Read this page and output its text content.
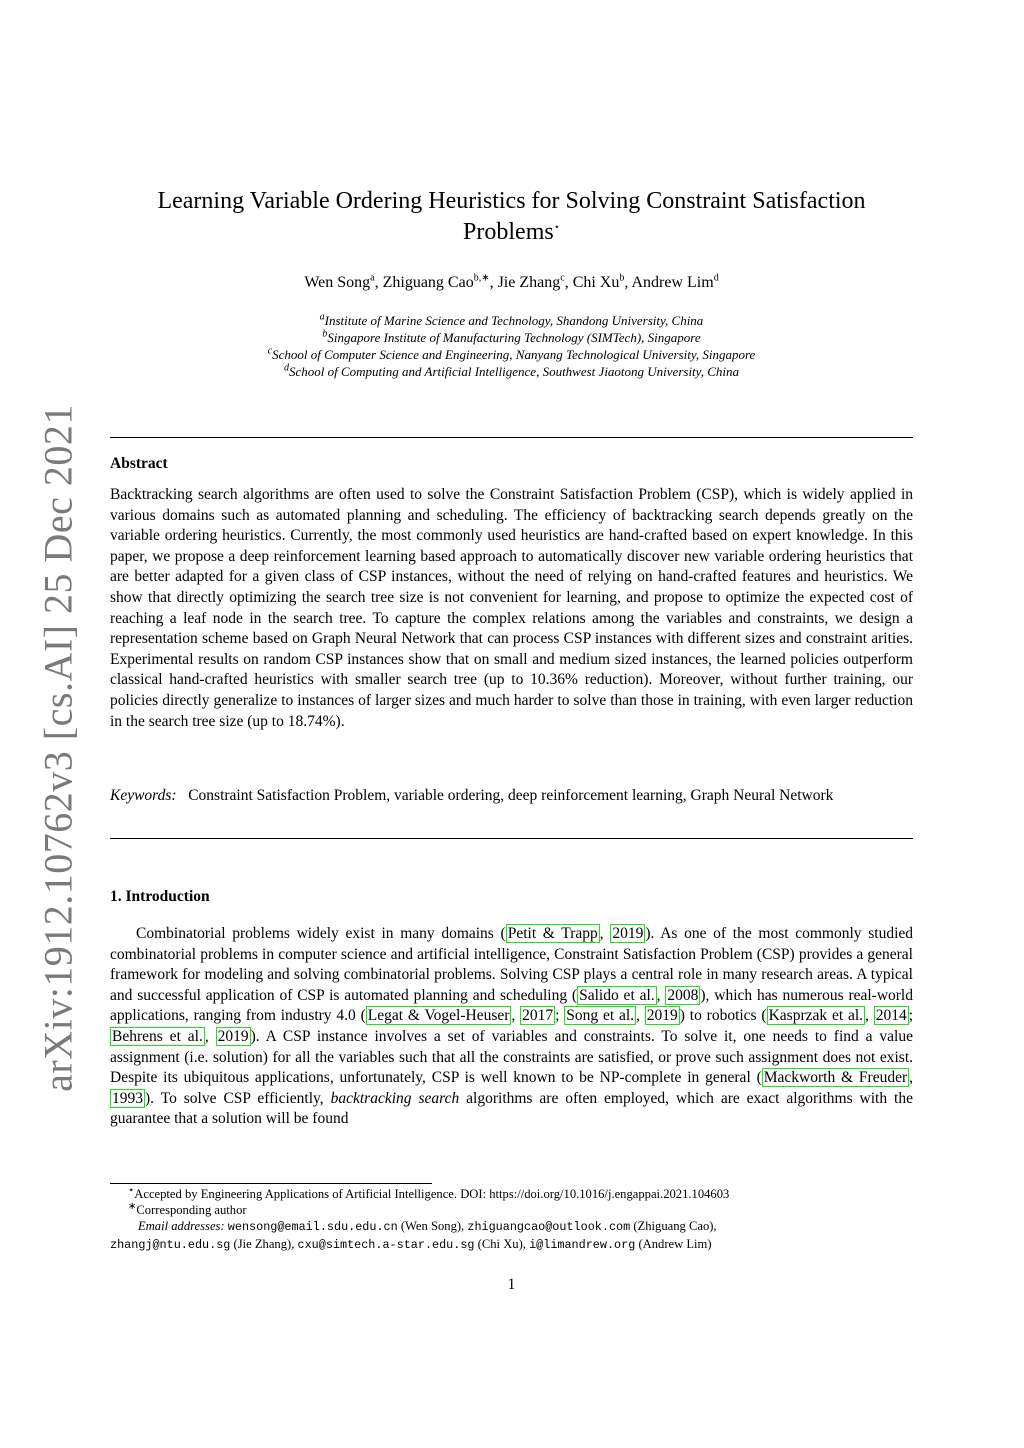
arXiv:1912.10762v3 [cs.AI] 25 Dec 2021
Learning Variable Ordering Heuristics for Solving Constraint Satisfaction
Problems⋆
Wen Song$^a$, Zhiguang Cao$^{b,∗}$, Jie Zhang$^c$, Chi Xu$^b$, Andrew Lim$^d$
$^a$Institute of Marine Science and Technology, Shandong University, China
$^b$Singapore Institute of Manufacturing Technology (SIMTech), Singapore
$^c$School of Computer Science and Engineering, Nanyang Technological University, Singapore
$^d$School of Computing and Artificial Intelligence, Southwest Jiaotong University, China
Abstract
Backtracking search algorithms are often used to solve the Constraint Satisfaction Problem (CSP), which is widely applied in various domains such as automated planning and scheduling. The efficiency of backtracking search depends greatly on the variable ordering heuristics. Currently, the most commonly used heuristics are hand-crafted based on expert knowledge. In this paper, we propose a deep reinforcement learning based approach to automatically discover new variable ordering heuristics that are better adapted for a given class of CSP instances, without the need of relying on hand-crafted features and heuristics. We show that directly optimizing the search tree size is not convenient for learning, and propose to optimize the expected cost of reaching a leaf node in the search tree. To capture the complex relations among the variables and constraints, we design a representation scheme based on Graph Neural Network that can process CSP instances with different sizes and constraint arities. Experimental results on random CSP instances show that on small and medium sized instances, the learned policies outperform classical hand-crafted heuristics with smaller search tree (up to 10.36% reduction). Moreover, without further training, our policies directly generalize to instances of larger sizes and much harder to solve than those in training, with even larger reduction in the search tree size (up to 18.74%).
Keywords: Constraint Satisfaction Problem, variable ordering, deep reinforcement learning, Graph Neural Network
1. Introduction

Combinatorial problems widely exist in many domains ( Petit & Trapp , 2019 ). As one of the most commonly studied combinatorial problems in computer science and artificial intelligence, Constraint Satisfaction Problem (CSP) provides a general framework for modeling and solving combinatorial problems. Solving CSP plays a central role in many research areas. A typical and successful application of CSP is automated planning and scheduling ( Salido et al. , 2008 ), which has numerous real-world applications, ranging from industry 4.0 ( Legat & Vogel-Heuser , 2017 ; Song et al. , 2019 ) to robotics ( Kasprzak et al. , 2014 ; Behrens et al. , 2019 ). A CSP instance involves a set of variables and constraints. To solve it, one needs to find a value assignment (i.e. solution) for all the variables such that all the constraints are satisfied, or prove such assignment does not exist. Despite its ubiquitous applications, unfortunately, CSP is well known to be NP-complete in general ( Mackworth & Freuder , 1993 ). To solve CSP efficiently, backtracking search algorithms are often employed, which are exact algorithms with the guarantee that a solution will be found

⋆Accepted by Engineering Applications of Artificial Intelligence. DOI: https://doi.org/10.1016/j.engappai.2021.104603
∗Corresponding author
Email addresses: wensong@email.sdu.edu.cn (Wen Song), zhiguangcao@outlook.com (Zhiguang Cao),
zhangj@ntu.edu.sg (Jie Zhang), cxu@simtech.a-star.edu.sg (Chi Xu), i@limandrew.org (Andrew Lim)
1
